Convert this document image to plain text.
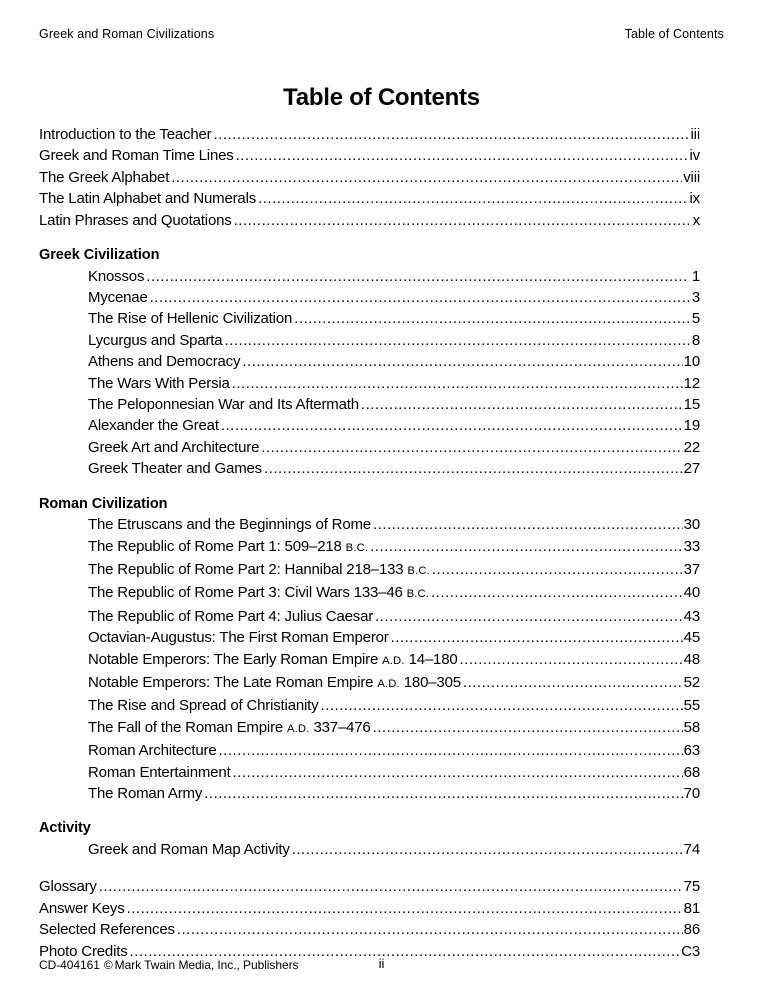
Greek and Roman Civilizations	Table of Contents
Table of Contents
Introduction to the Teacher .....	iii
Greek and Roman Time Lines .....	iv
The Greek Alphabet .....	viii
The Latin Alphabet and Numerals .....	ix
Latin Phrases and Quotations .....	x
Greek Civilization
Knossos .....	1
Mycenae .....	3
The Rise of Hellenic Civilization .....	5
Lycurgus and Sparta .....	8
Athens and Democracy .....	10
The Wars With Persia .....	12
The Peloponnesian War and Its Aftermath .....	15
Alexander the Great .....	19
Greek Art and Architecture .....	22
Greek Theater and Games .....	27
Roman Civilization
The Etruscans and the Beginnings of Rome .....	30
The Republic of Rome Part 1: 509–218 B.C. .....	33
The Republic of Rome Part 2: Hannibal 218–133 B.C. .....	37
The Republic of Rome Part 3: Civil Wars 133–46 B.C. .....	40
The Republic of Rome Part 4: Julius Caesar .....	43
Octavian-Augustus: The First Roman Emperor .....	45
Notable Emperors: The Early Roman Empire A.D. 14–180 .....	48
Notable Emperors: The Late Roman Empire A.D. 180–305 .....	52
The Rise and Spread of Christianity .....	55
The Fall of the Roman Empire A.D. 337–476 .....	58
Roman Architecture .....	63
Roman Entertainment .....	68
The Roman Army .....	70
Activity
Greek and Roman Map Activity .....	74
Glossary .....	75
Answer Keys .....	81
Selected References .....	86
Photo Credits .....	C3
CD-404161 © Mark Twain Media, Inc., Publishers	ii
